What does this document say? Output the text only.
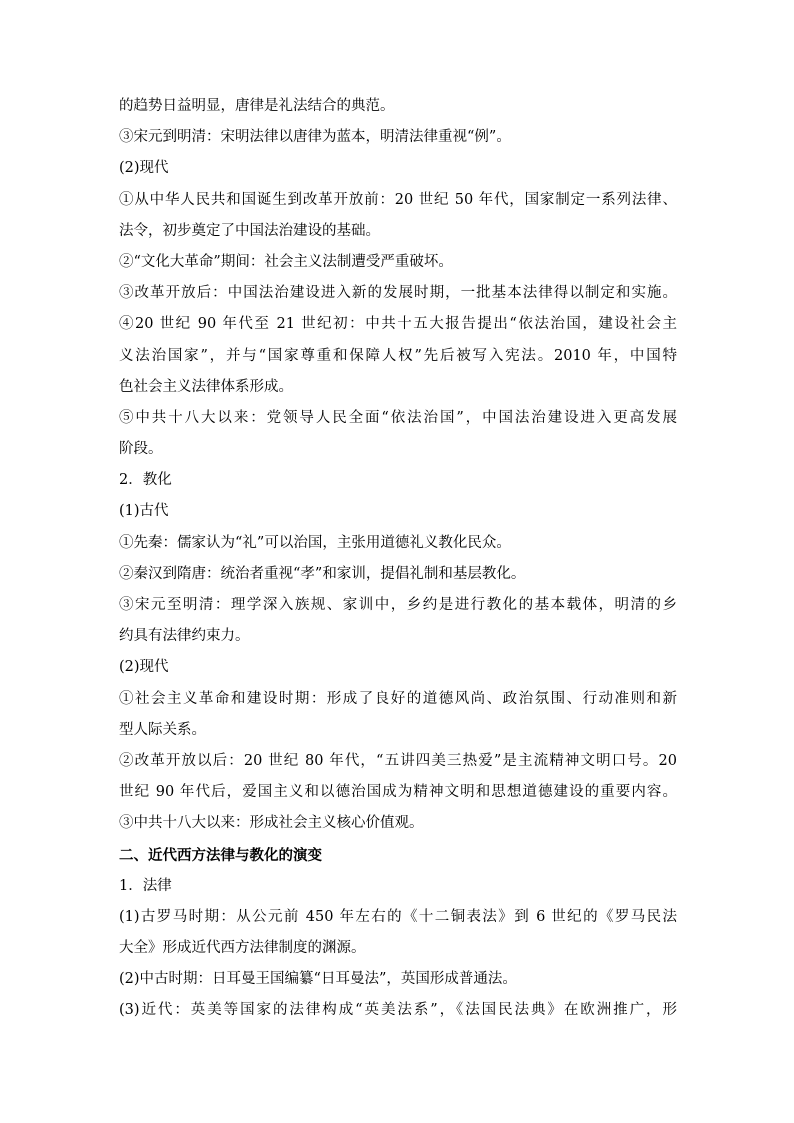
的趋势日益明显，唐律是礼法结合的典范。
③宋元到明清：宋明法律以唐律为蓝本，明清法律重视“例”。
(2)现代
①从中华人民共和国诞生到改革开放前：20 世纪 50 年代，国家制定一系列法律、
法令，初步奠定了中国法治建设的基础。
②“文化大革命”期间：社会主义法制遭受严重破坏。
③改革开放后：中国法治建设进入新的发展时期，一批基本法律得以制定和实施。
④20 世纪 90 年代至 21 世纪初：中共十五大报告提出“依法治国，建设社会主
义法治国家”，并与“国家尊重和保障人权”先后被写入宪法。2010 年，中国特
色社会主义法律体系形成。
⑤中共十八大以来：党领导人民全面“依法治国”，中国法治建设进入更高发展
阶段。
2．教化
(1)古代
①先秦：儒家认为“礼”可以治国，主张用道德礼义教化民众。
②秦汉到隋唐：统治者重视“孝”和家训，提倡礼制和基层教化。
③宋元至明清：理学深入族规、家训中，乡约是进行教化的基本载体，明清的乡
约具有法律约束力。
(2)现代
①社会主义革命和建设时期：形成了良好的道德风尚、政治氛围、行动准则和新
型人际关系。
②改革开放以后：20 世纪 80 年代，“五讲四美三热爱”是主流精神文明口号。20
世纪 90 年代后，爱国主义和以德治国成为精神文明和思想道德建设的重要内容。
③中共十八大以来：形成社会主义核心价值观。
二、近代西方法律与教化的演变
1．法律
(1)古罗马时期：从公元前 450 年左右的《十二铜表法》到 6 世纪的《罗马民法
大全》形成近代西方法律制度的渊源。
(2)中古时期：日耳曼王国编纂“日耳曼法”，英国形成普通法。
(3)近代：英美等国家的法律构成“英美法系”，《法国民法典》在欧洲推广，形
